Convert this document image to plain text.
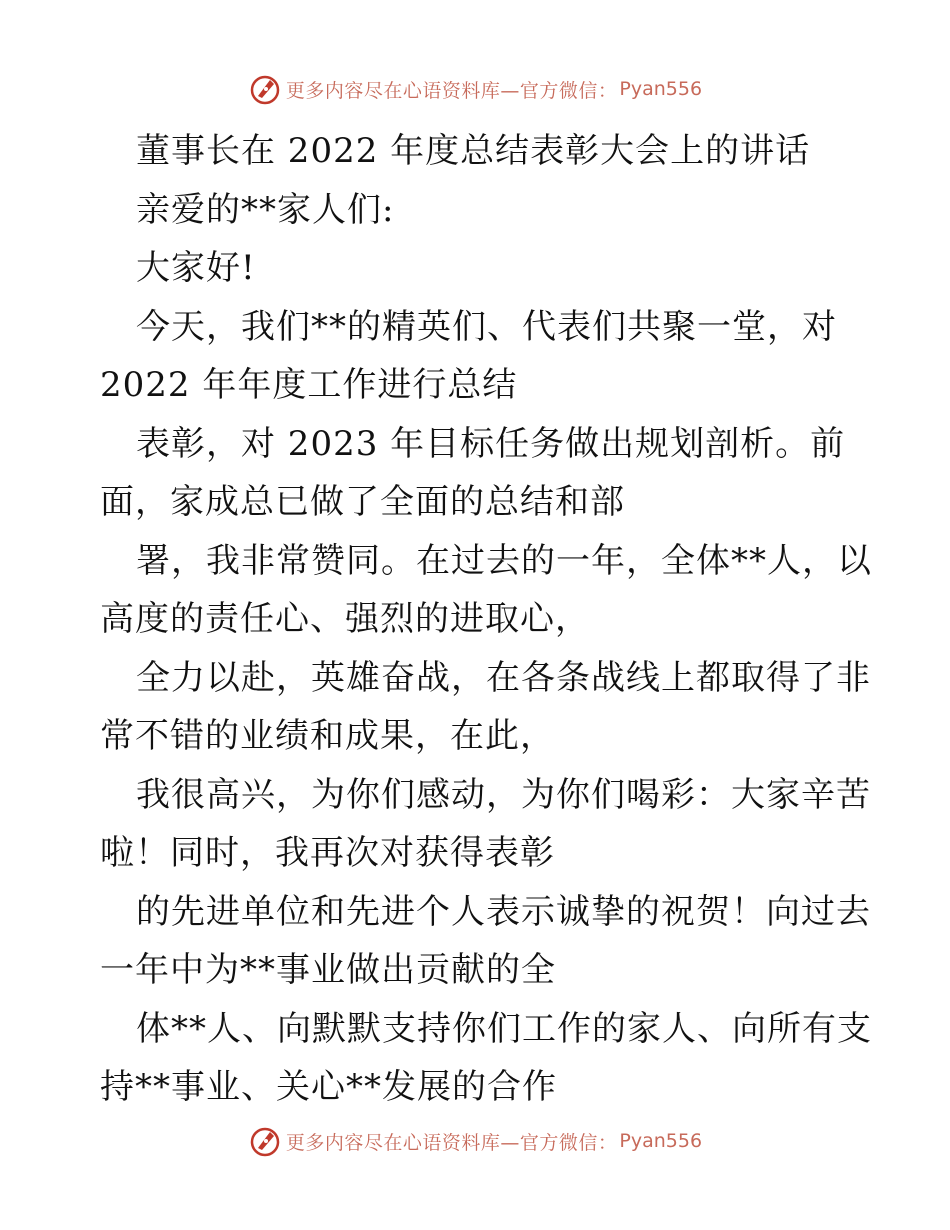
更多内容尽在心语资料库—官方微信： Pyan556
董事长在 2022 年度总结表彰大会上的讲话
亲爱的**家人们:
大家好!
今天，我们**的精英们、代表们共聚一堂，对
2022 年年度工作进行总结
表彰，对 2023 年目标任务做出规划剖析。前
面，家成总已做了全面的总结和部
署，我非常赞同。在过去的一年，全体**人，以
高度的责任心、强烈的进取心，
全力以赴，英雄奋战，在各条战线上都取得了非
常不错的业绩和成果，在此，
我很高兴，为你们感动，为你们喝彩：大家辛苦
啦！同时，我再次对获得表彰
的先进单位和先进个人表示诚挚的祝贺！向过去
一年中为**事业做出贡献的全
体**人、向默默支持你们工作的家人、向所有支
持**事业、关心**发展的合作
更多内容尽在心语资料库—官方微信： Pyan556
